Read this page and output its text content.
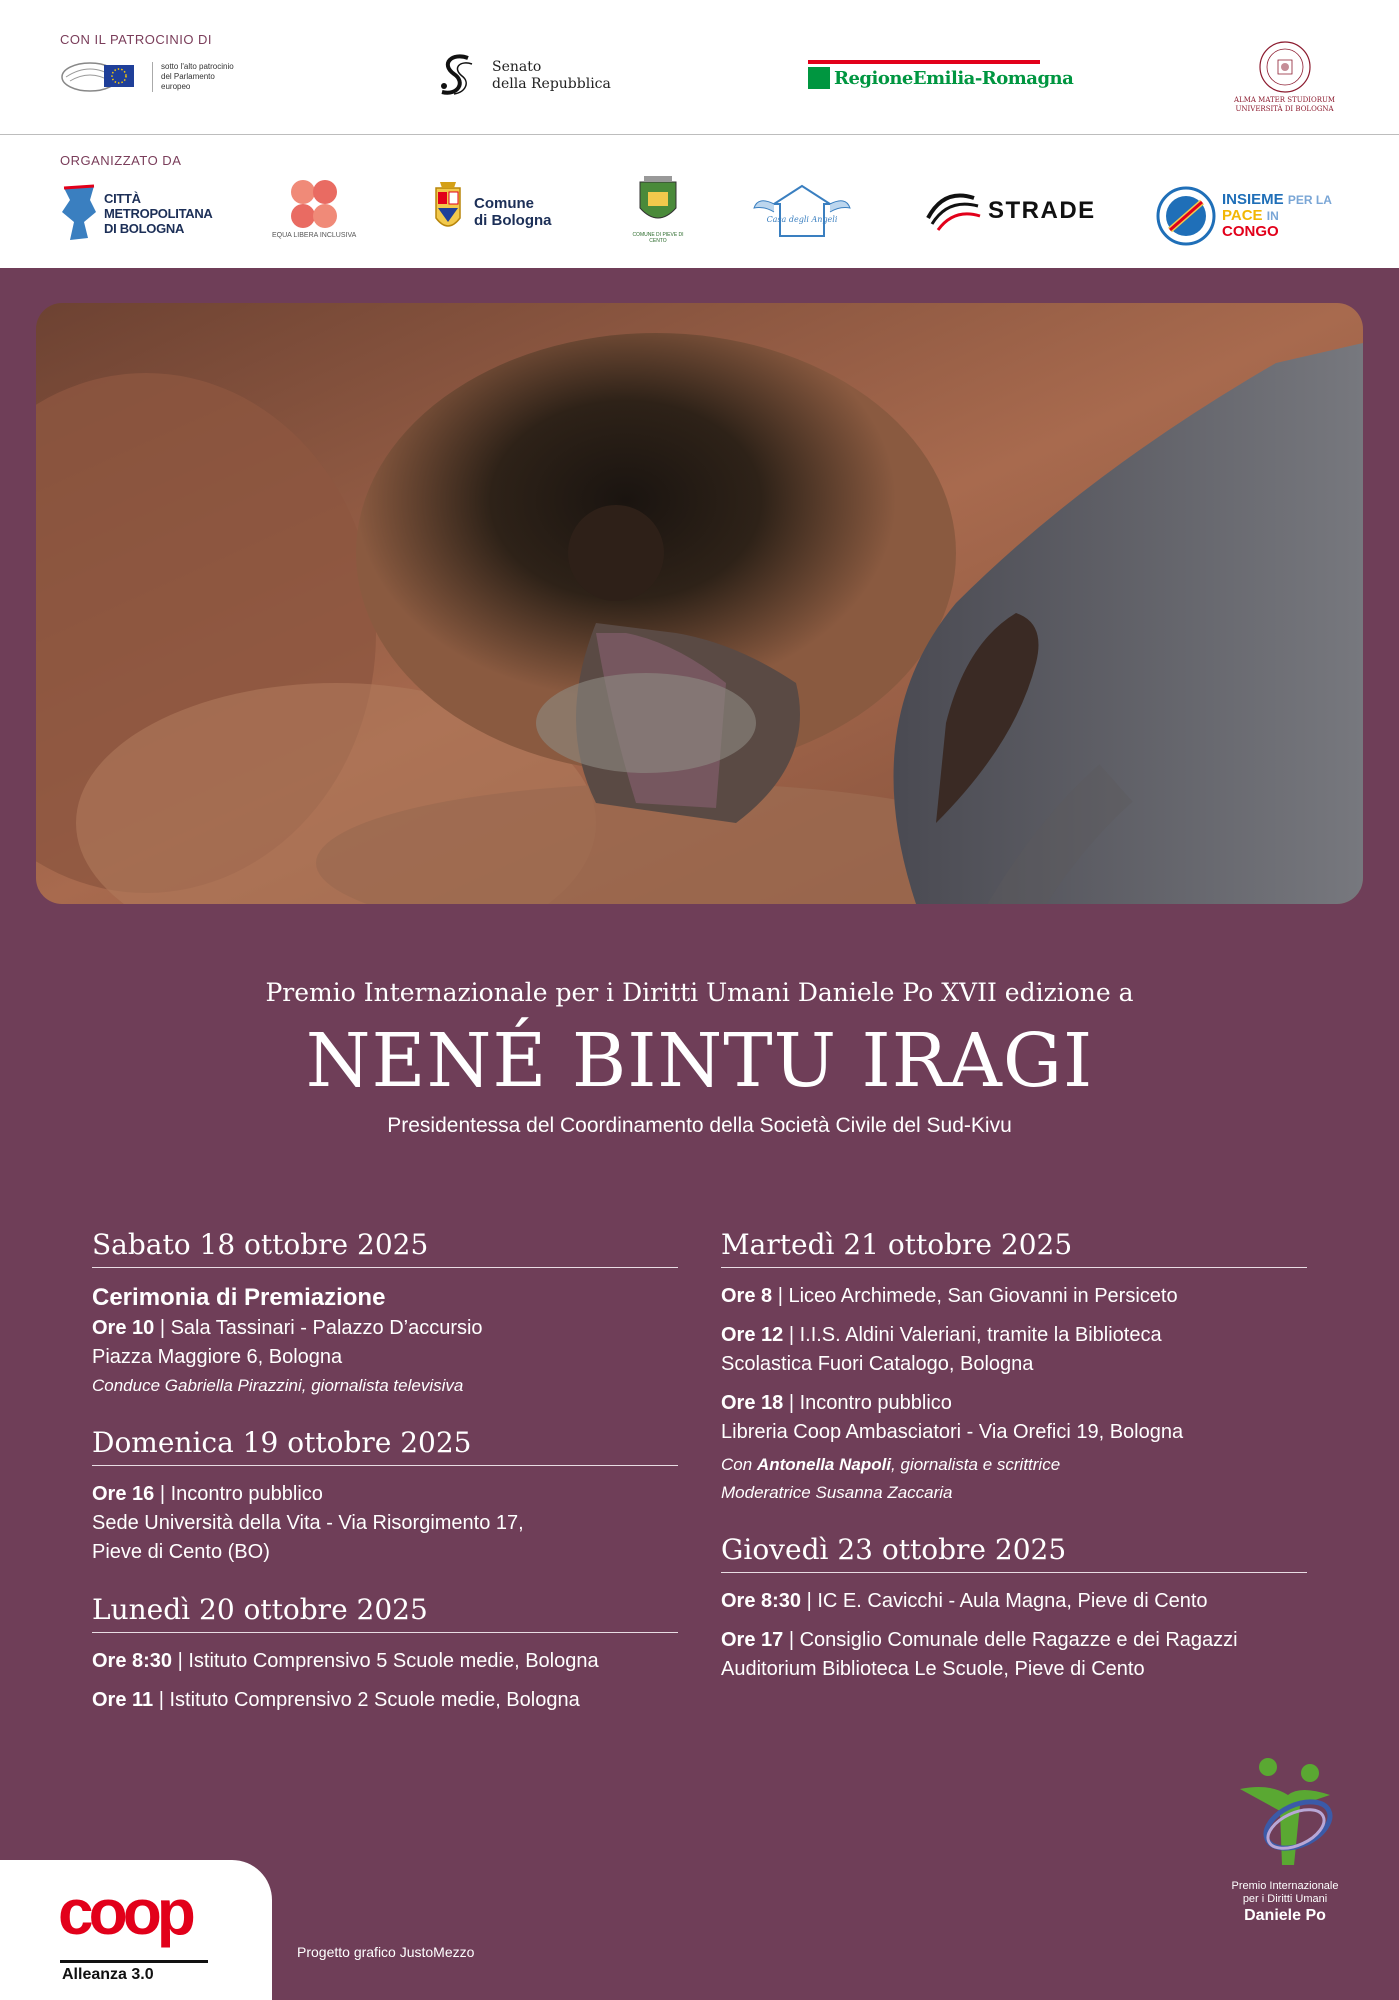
CON IL PATROCINIO DI
sotto l'alto patrocinio del Parlamento europeo
Senato
della Repubblica	RegioneEmilia-Romagna
ALMA MATER STUDIORUM
UNIVERSITÀ DI BOLOGNA
ORGANIZZATO DA
CITTÀ
METROPOLITANA
DI BOLOGNA	EQUA LIBERA INCLUSIVA
Comune
di Bologna
COMUNE DI PIEVE DI CENTO
Casa degli Angeli	STRADE	INSIEME PER LA
PACE IN
CONGO
Premio Internazionale per i Diritti Umani Daniele Po XVII edizione a
NENÉ BINTU IRAGI
Presidentessa del Coordinamento della Società Civile del Sud-Kivu
Sabato 18 ottobre 2025
Cerimonia di Premiazione
Ore 10 | Sala Tassinari - Palazzo D’accursio
Piazza Maggiore 6, Bologna
Conduce Gabriella Pirazzini, giornalista televisiva
Domenica 19 ottobre 2025
Ore 16 | Incontro pubblico
Sede Università della Vita - Via Risorgimento 17,
Pieve di Cento (BO)
Lunedì 20 ottobre 2025
Ore 8:30 | Istituto Comprensivo 5 Scuole medie, Bologna
Ore 11 | Istituto Comprensivo 2 Scuole medie, Bologna
Martedì 21 ottobre 2025
Ore 8 | Liceo Archimede, San Giovanni in Persiceto
Ore 12 | I.I.S. Aldini Valeriani, tramite la Biblioteca
Scolastica Fuori Catalogo, Bologna
Ore 18 | Incontro pubblico
Libreria Coop Ambasciatori - Via Orefici 19, Bologna
Con Antonella Napoli, giornalista e scrittrice
Moderatrice Susanna Zaccaria
Giovedì 23 ottobre 2025
Ore 8:30 | IC E. Cavicchi - Aula Magna, Pieve di Cento
Ore 17 | Consiglio Comunale delle Ragazze e dei Ragazzi
Auditorium Biblioteca Le Scuole, Pieve di Cento
coop
Alleanza 3.0
Progetto grafico JustoMezzo
Premio Internazionale
per i Diritti Umani
Daniele Po
